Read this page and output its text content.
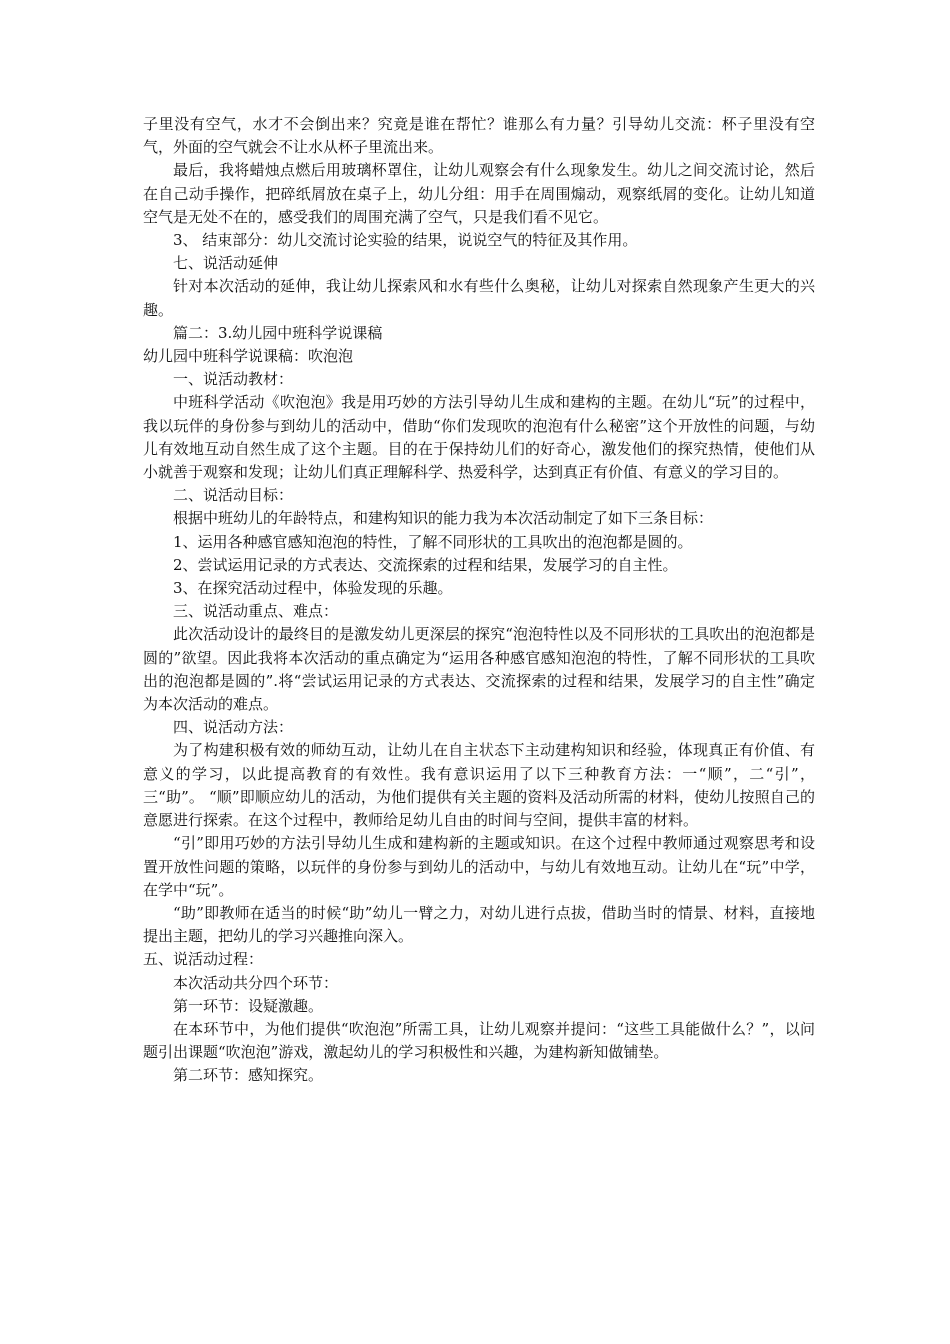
子里没有空气，水才不会倒出来？究竟是谁在帮忙？谁那么有力量？引导幼儿交流：杯子里没有空气，外面的空气就会不让水从杯子里流出来。

最后，我将蜡烛点燃后用玻璃杯罩住，让幼儿观察会有什么现象发生。幼儿之间交流讨论，然后在自己动手操作，把碎纸屑放在桌子上，幼儿分组：用手在周围煽动，观察纸屑的变化。让幼儿知道空气是无处不在的，感受我们的周围充满了空气，只是我们看不见它。

3、 结束部分：幼儿交流讨论实验的结果，说说空气的特征及其作用。

七、说活动延伸

针对本次活动的延伸，我让幼儿探索风和水有些什么奥秘，让幼儿对探索自然现象产生更大的兴趣。

篇二：3.幼儿园中班科学说课稿

幼儿园中班科学说课稿：吹泡泡

一、说活动教材：

中班科学活动《吹泡泡》我是用巧妙的方法引导幼儿生成和建构的主题。在幼儿“玩”的过程中，我以玩伴的身份参与到幼儿的活动中，借助“你们发现吹的泡泡有什么秘密”这个开放性的问题，与幼儿有效地互动自然生成了这个主题。目的在于保持幼儿们的好奇心，激发他们的探究热情，使他们从小就善于观察和发现；让幼儿们真正理解科学、热爱科学，达到真正有价值、有意义的学习目的。

二、说活动目标：

根据中班幼儿的年龄特点，和建构知识的能力我为本次活动制定了如下三条目标：

1、运用各种感官感知泡泡的特性，了解不同形状的工具吹出的泡泡都是圆的。

2、尝试运用记录的方式表达、交流探索的过程和结果，发展学习的自主性。

3、在探究活动过程中，体验发现的乐趣。

三、说活动重点、难点：

此次活动设计的最终目的是激发幼儿更深层的探究“泡泡特性以及不同形状的工具吹出的泡泡都是圆的”欲望。因此我将本次活动的重点确定为“运用各种感官感知泡泡的特性，了解不同形状的工具吹出的泡泡都是圆的”.将“尝试运用记录的方式表达、交流探索的过程和结果，发展学习的自主性”确定为本次活动的难点。

四、说活动方法：

为了构建积极有效的师幼互动，让幼儿在自主状态下主动建构知识和经验，体现真正有价值、有意义的学习，以此提高教育的有效性。我有意识运用了以下三种教育方法：一“顺”，二“引”，三“助”。 “顺”即顺应幼儿的活动，为他们提供有关主题的资料及活动所需的材料，使幼儿按照自己的意愿进行探索。在这个过程中，教师给足幼儿自由的时间与空间，提供丰富的材料。

“引”即用巧妙的方法引导幼儿生成和建构新的主题或知识。在这个过程中教师通过观察思考和设置开放性问题的策略，以玩伴的身份参与到幼儿的活动中，与幼儿有效地互动。让幼儿在“玩”中学，在学中“玩”。

“助”即教师在适当的时候“助”幼儿一臂之力，对幼儿进行点拔，借助当时的情景、材料，直接地提出主题，把幼儿的学习兴趣推向深入。

五、说活动过程：

本次活动共分四个环节：

第一环节：设疑激趣。

在本环节中，为他们提供“吹泡泡”所需工具，让幼儿观察并提问：“这些工具能做什么？”，以问题引出课题“吹泡泡”游戏，激起幼儿的学习积极性和兴趣，为建构新知做铺垫。

第二环节：感知探究。
